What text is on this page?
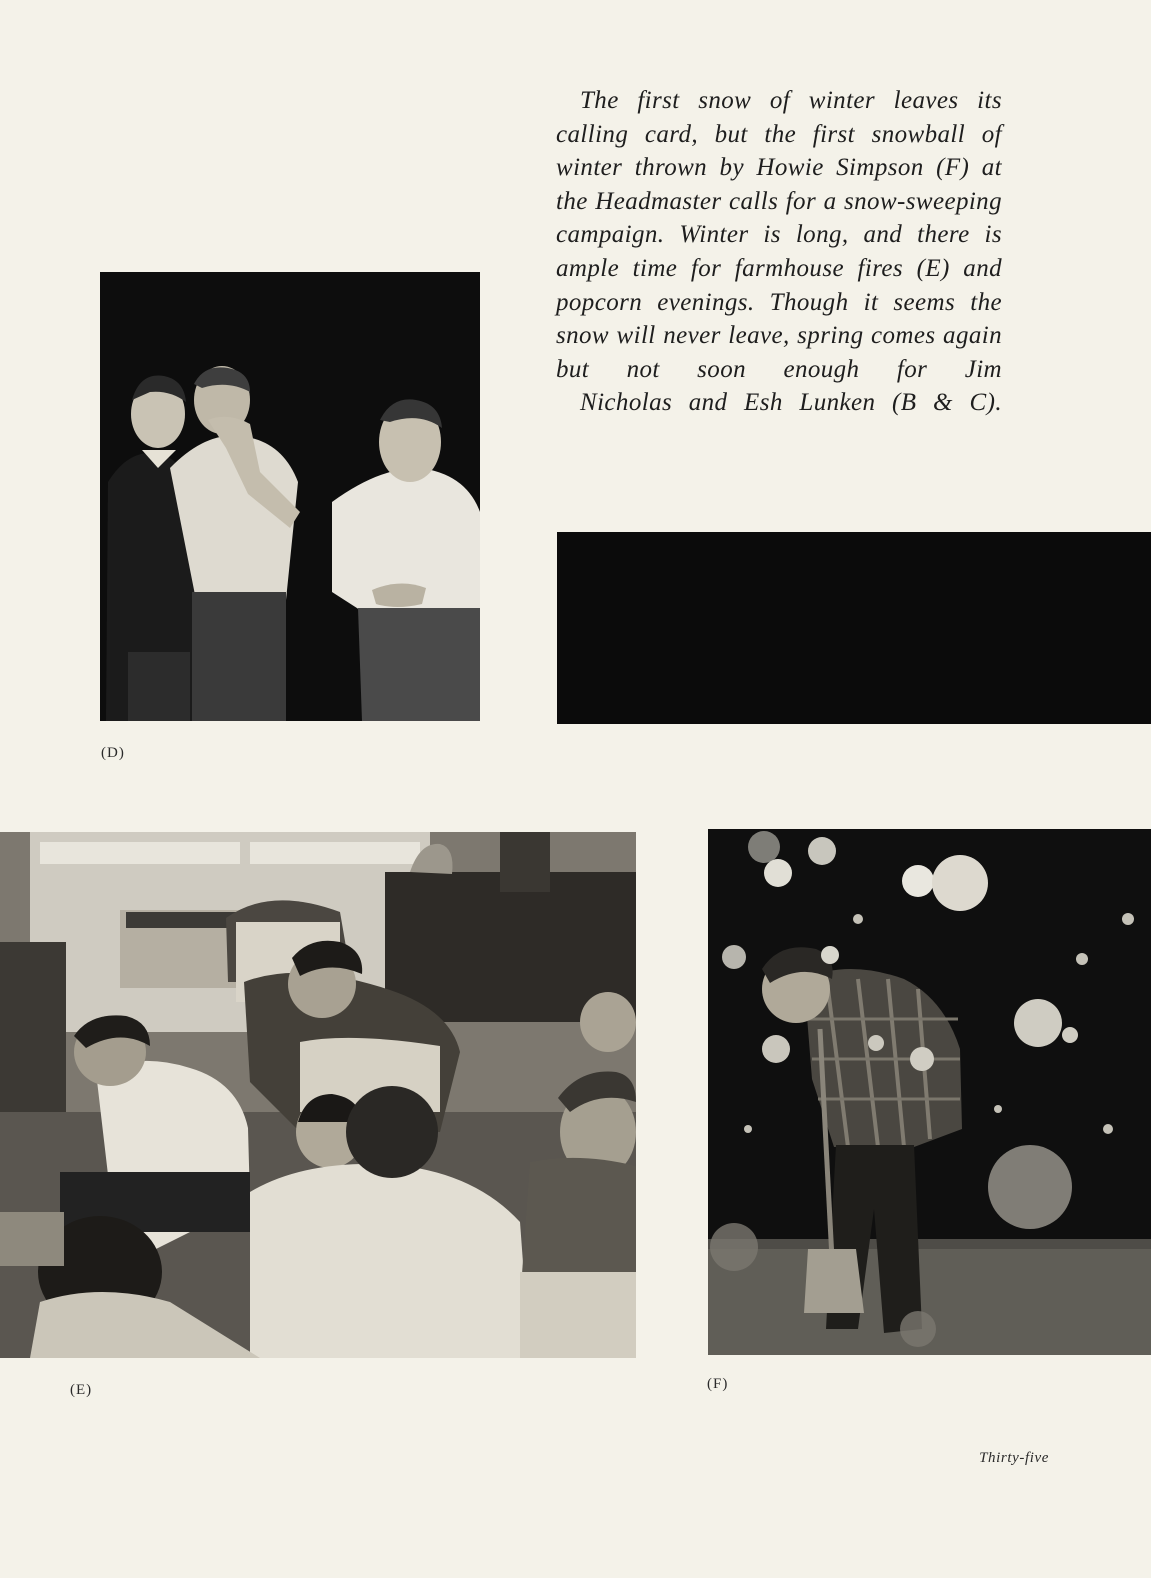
The first snow of winter leaves its calling card, but the first snowball of winter thrown by Howie Simpson (F) at the Headmaster calls for a snow-sweeping campaign. Winter is long, and there is ample time for farmhouse fires (E) and popcorn evenings. Though it seems the snow will never leave, spring comes again but not soon enough for Jim
Nicholas and Esh Lunken (B & C).

(D)
(E)	(F)
Thirty-five
